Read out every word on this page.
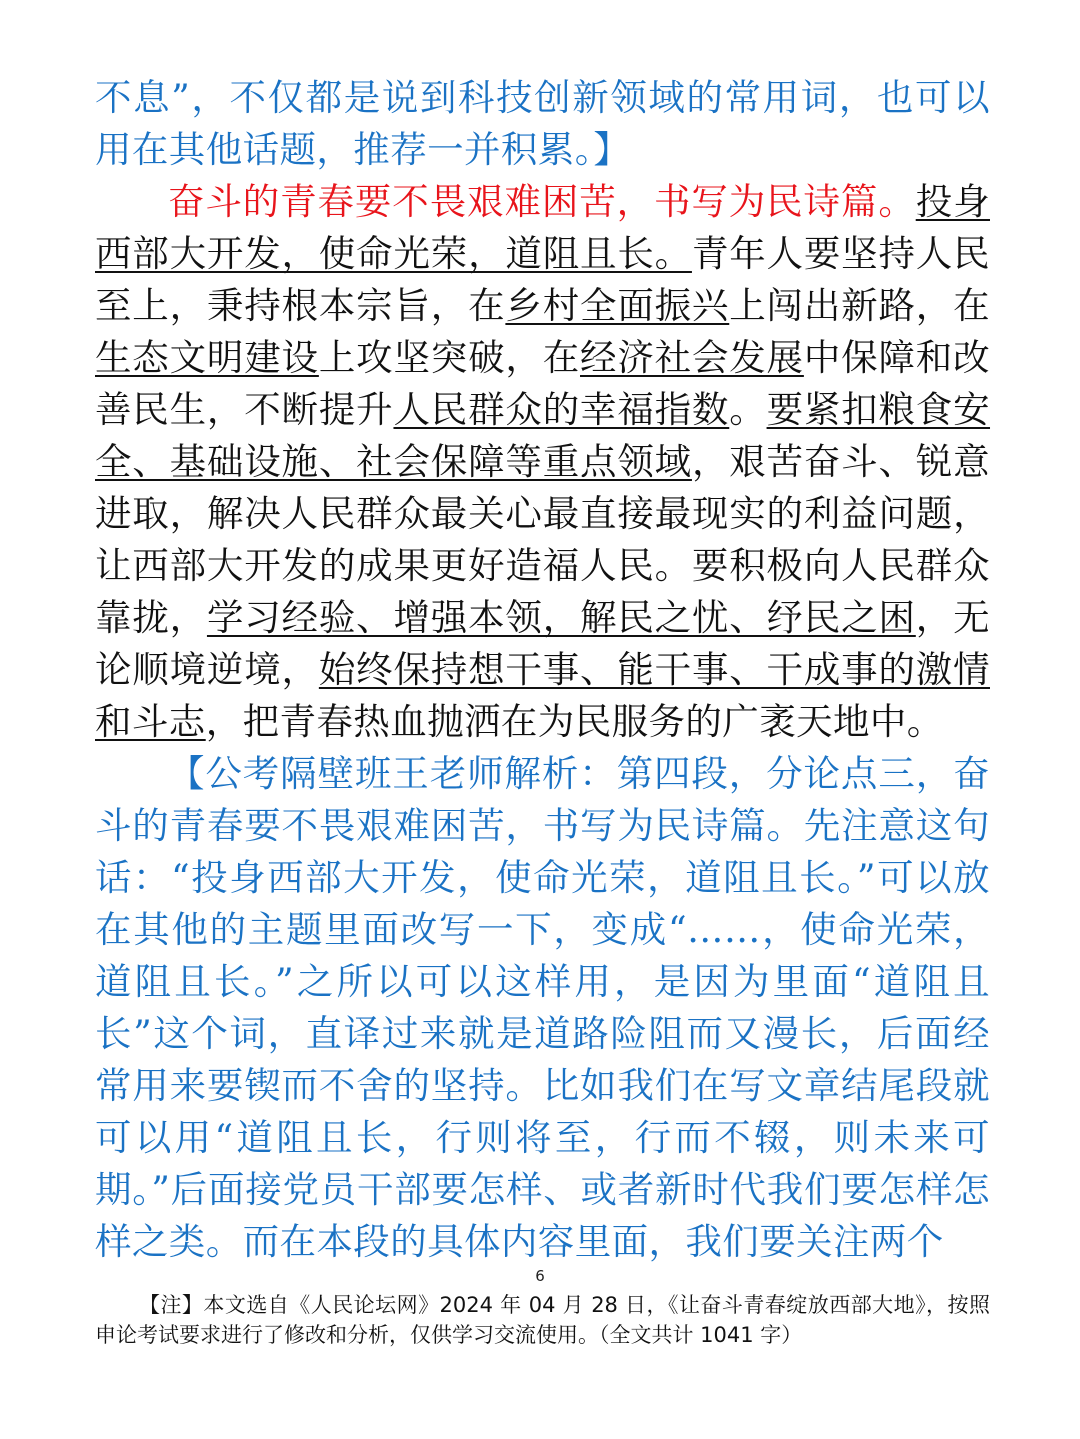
不息”，不仅都是说到科技创新领域的常用词，也可以用在其他话题，推荐一并积累。】

奋斗的青春要不畏艰难困苦，书写为民诗篇。投身西部大开发，使命光荣，道阻且长。青年人要坚持人民至上，秉持根本宗旨，在乡村全面振兴上闯出新路，在生态文明建设上攻坚突破，在经济社会发展中保障和改善民生，不断提升人民群众的幸福指数。要紧扣粮食安全、基础设施、社会保障等重点领域，艰苦奋斗、锐意进取，解决人民群众最关心最直接最现实的利益问题，让西部大开发的成果更好造福人民。要积极向人民群众靠拢，学习经验、增强本领，解民之忧、纾民之困，无论顺境逆境，始终保持想干事、能干事、干成事的激情和斗志，把青春热血抛洒在为民服务的广袤天地中。

【公考隔壁班王老师解析：第四段，分论点三，奋斗的青春要不畏艰难困苦，书写为民诗篇。先注意这句话：“投身西部大开发，使命光荣，道阻且长。”可以放在其他的主题里面改写一下，变成“……，使命光荣，道阻且长。”之所以可以这样用，是因为里面“道阻且长”这个词，直译过来就是道路险阻而又漫长，后面经常用来要锲而不舍的坚持。比如我们在写文章结尾段就可以用“道阻且长，行则将至，行而不辍，则未来可期。”后面接党员干部要怎样、或者新时代我们要怎样怎样之类。而在本段的具体内容里面，我们要关注两个

6
【注】本文选自《人民论坛网》2024 年 04 月 28 日，《让奋斗青春绽放西部大地》，按照申论考试要求进行了修改和分析，仅供学习交流使用。（全文共计 1041 字）
